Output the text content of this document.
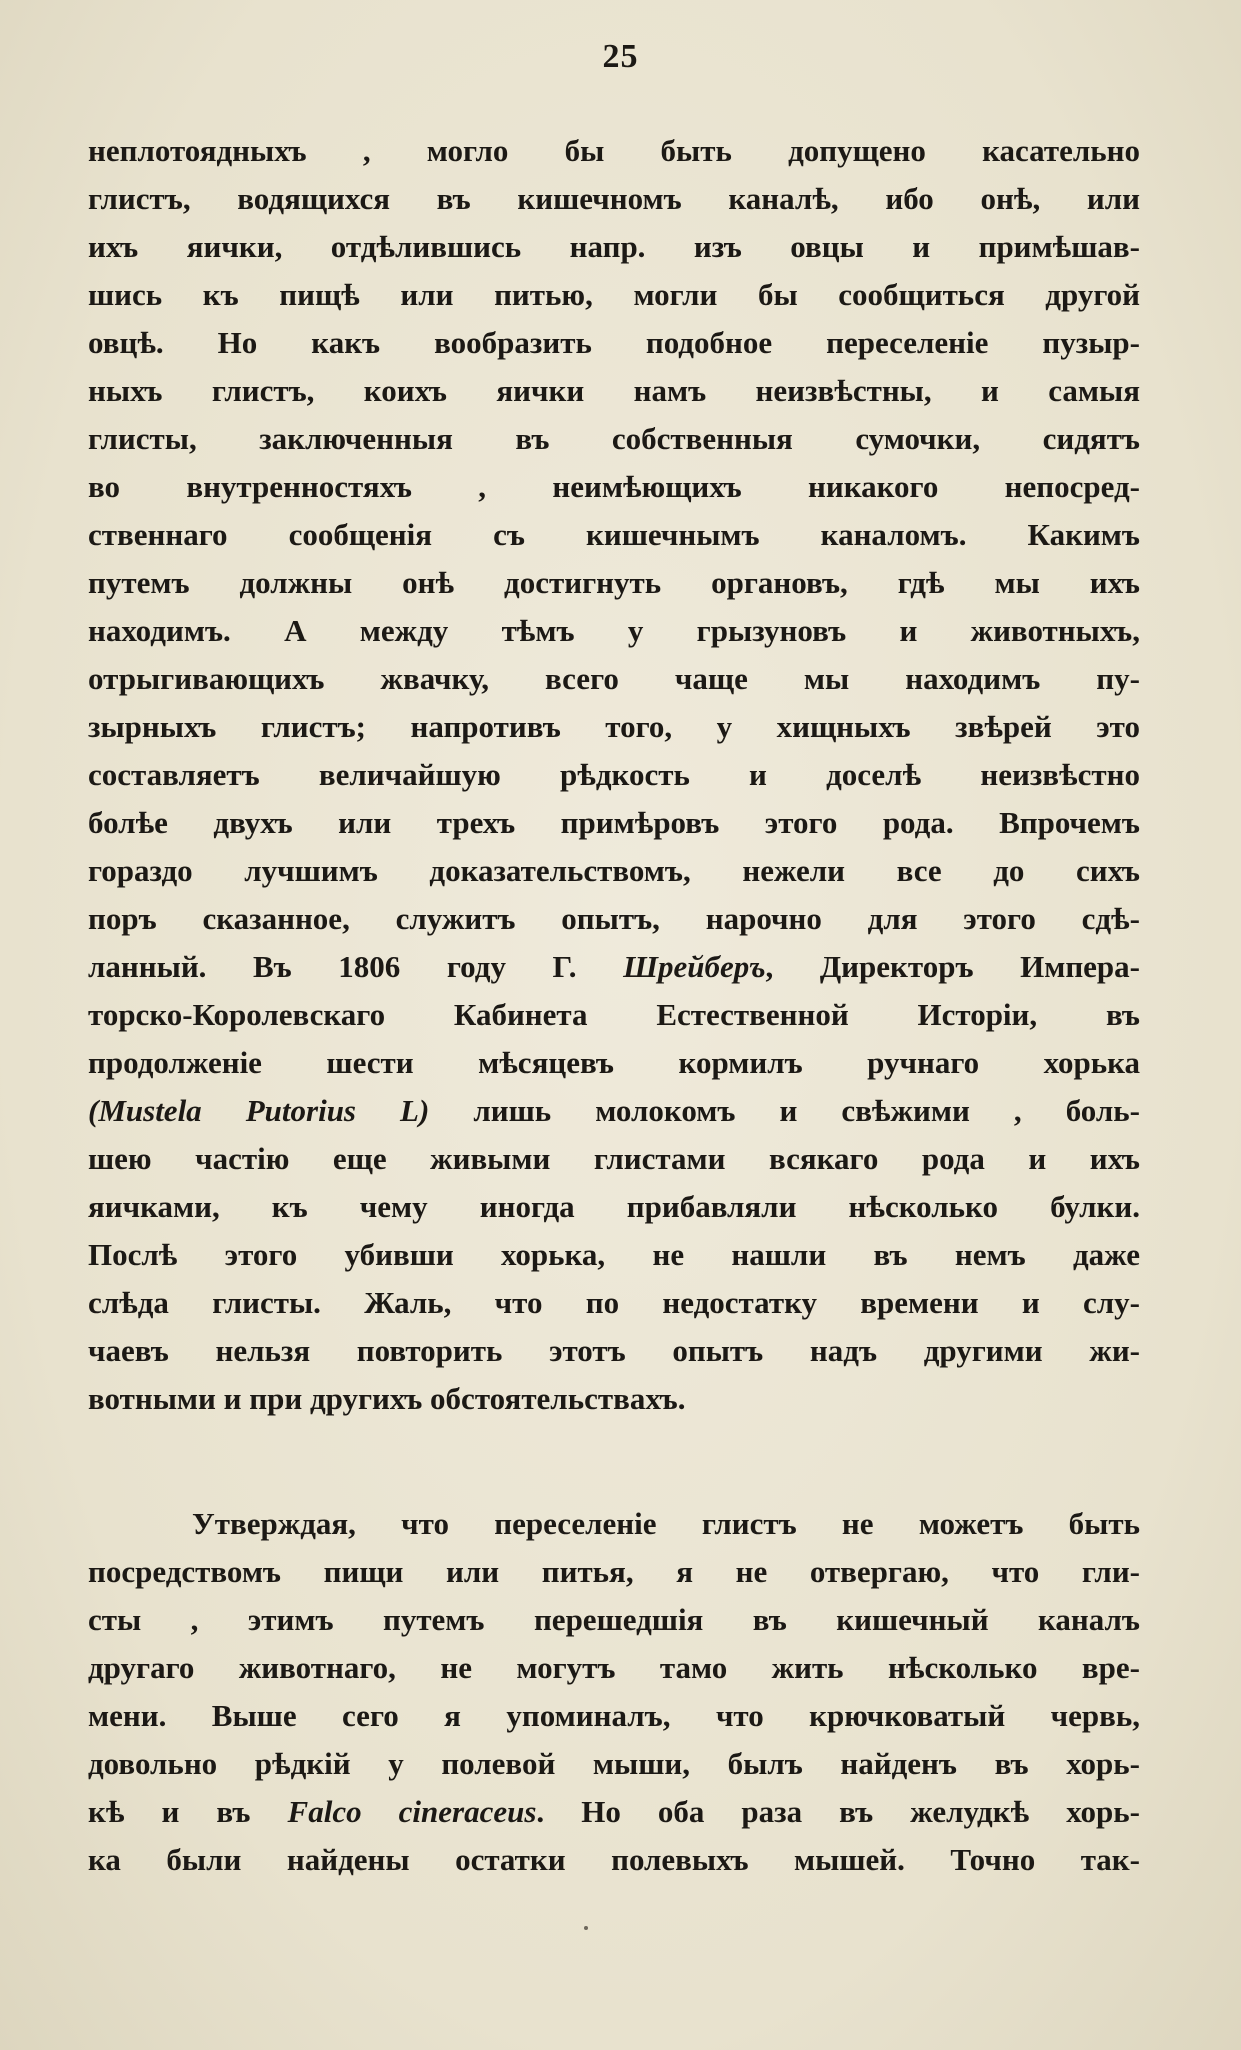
25
неплотоядныхъ , могло бы быть допущено касательно
глистъ, водящихся въ кишечномъ каналѣ, ибо онѣ, или
ихъ яички, отдѣлившись напр. изъ овцы и примѣшав-
шись къ пищѣ или питью, могли бы сообщиться другой
овцѣ. Но какъ вообразить подобное переселеніе пузыр-
ныхъ глистъ, коихъ яички намъ неизвѣстны, и самыя
глисты, заключенныя въ собственныя сумочки, сидятъ
во внутренностяхъ , неимѣющихъ никакого непосред-
ственнаго сообщенія съ кишечнымъ каналомъ. Какимъ
путемъ должны онѣ достигнуть органовъ, гдѣ мы ихъ
находимъ. А между тѣмъ у грызуновъ и животныхъ,
отрыгивающихъ жвачку, всего чаще мы находимъ пу-
зырныхъ глистъ; напротивъ того, у хищныхъ звѣрей это
составляетъ величайшую рѣдкость и доселѣ неизвѣстно
болѣе двухъ или трехъ примѣровъ этого рода. Впрочемъ
гораздо лучшимъ доказательствомъ, нежели все до сихъ
поръ сказанное, служитъ опытъ, нарочно для этого сдѣ-
ланный. Въ 1806 году Г. Шрейберъ, Директоръ Импера-
торско-Королевскаго Кабинета Естественной Исторіи, въ
продолженіе шести мѣсяцевъ кормилъ ручнаго хорька
(Mustela Putorius L) лишь молокомъ и свѣжими , боль-
шею частію еще живыми глистами всякаго рода и ихъ
яичками, къ чему иногда прибавляли нѣсколько булки.
Послѣ этого убивши хорька, не нашли въ немъ даже
слѣда глисты. Жаль, что по недостатку времени и слу-
чаевъ нельзя повторить этотъ опытъ надъ другими жи-
вотными и при другихъ обстоятельствахъ.
Утверждая, что переселеніе глистъ не можетъ быть
посредствомъ пищи или питья, я не отвергаю, что гли-
сты , этимъ путемъ перешедшія въ кишечный каналъ
другаго животнаго, не могутъ тамо жить нѣсколько вре-
мени. Выше сего я упоминалъ, что крючковатый червь,
довольно рѣдкій у полевой мыши, былъ найденъ въ хорь-
кѣ и въ Falco cineraceus. Но оба раза въ желудкѣ хорь-
ка были найдены остатки полевыхъ мышей. Точно так-
